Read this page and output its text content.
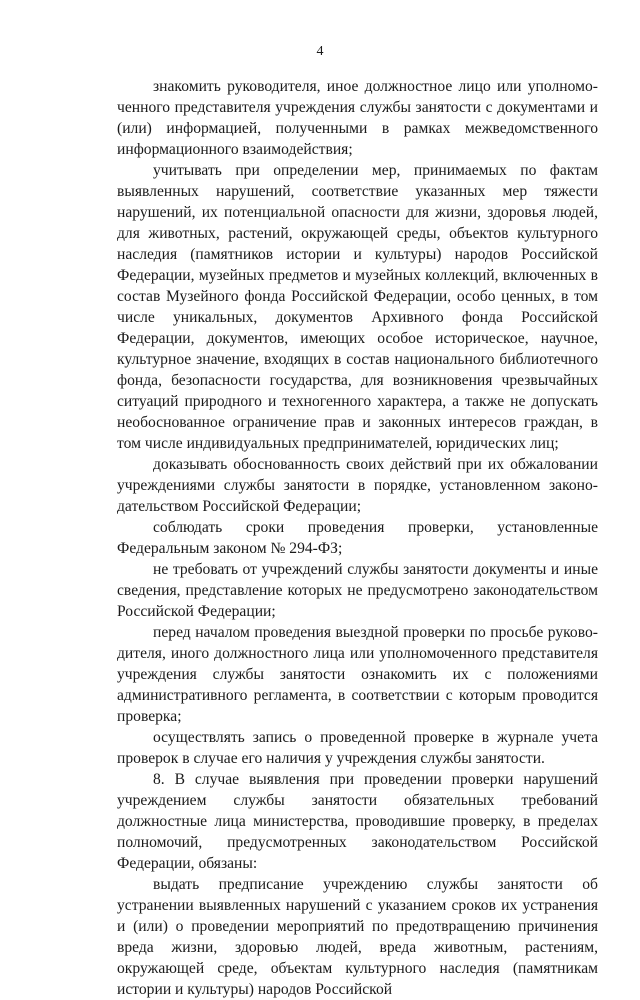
4

знакомить руководителя, иное должностное лицо или уполномоченного представителя учреждения службы занятости с документами и (или) информацией, полученными в рамках межведомственного информационного взаимодействия;

учитывать при определении мер, принимаемых по фактам выявленных нарушений, соответствие указанных мер тяжести нарушений, их потенциальной опасности для жизни, здоровья людей, для животных, растений, окружающей среды, объектов культурного наследия (памятников истории и культуры) народов Российской Федерации, музейных предметов и музейных коллекций, включенных в состав Музейного фонда Российской Федерации, особо ценных, в том числе уникальных, документов Архивного фонда Российской Федерации, документов, имеющих особое историческое, научное, культурное значение, входящих в состав национального библиотечного фонда, безопасности государства, для возникновения чрезвычайных ситуаций природного и техногенного характера, а также не допускать необоснованное ограничение прав и законных интересов граждан, в том числе индивидуальных предпринимателей, юридических лиц;

доказывать обоснованность своих действий при их обжаловании учреждениями службы занятости в порядке, установленном законодательством Российской Федерации;

соблюдать сроки проведения проверки, установленные Федеральным законом № 294-ФЗ;

не требовать от учреждений службы занятости документы и иные сведения, представление которых не предусмотрено законодательством Российской Федерации;

перед началом проведения выездной проверки по просьбе руководителя, иного должностного лица или уполномоченного представителя учреждения службы занятости ознакомить их с положениями административного регламента, в соответствии с которым проводится проверка;

осуществлять запись о проведенной проверке в журнале учета проверок в случае его наличия у учреждения службы занятости.

8. В случае выявления при проведении проверки нарушений учреждением службы занятости обязательных требований должностные лица министерства, проводившие проверку, в пределах полномочий, предусмотренных законодательством Российской Федерации, обязаны:

выдать предписание учреждению службы занятости об устранении выявленных нарушений с указанием сроков их устранения и (или) о проведении мероприятий по предотвращению причинения вреда жизни, здоровью людей, вреда животным, растениям, окружающей среде, объектам культурного наследия (памятникам истории и культуры) народов Российской
